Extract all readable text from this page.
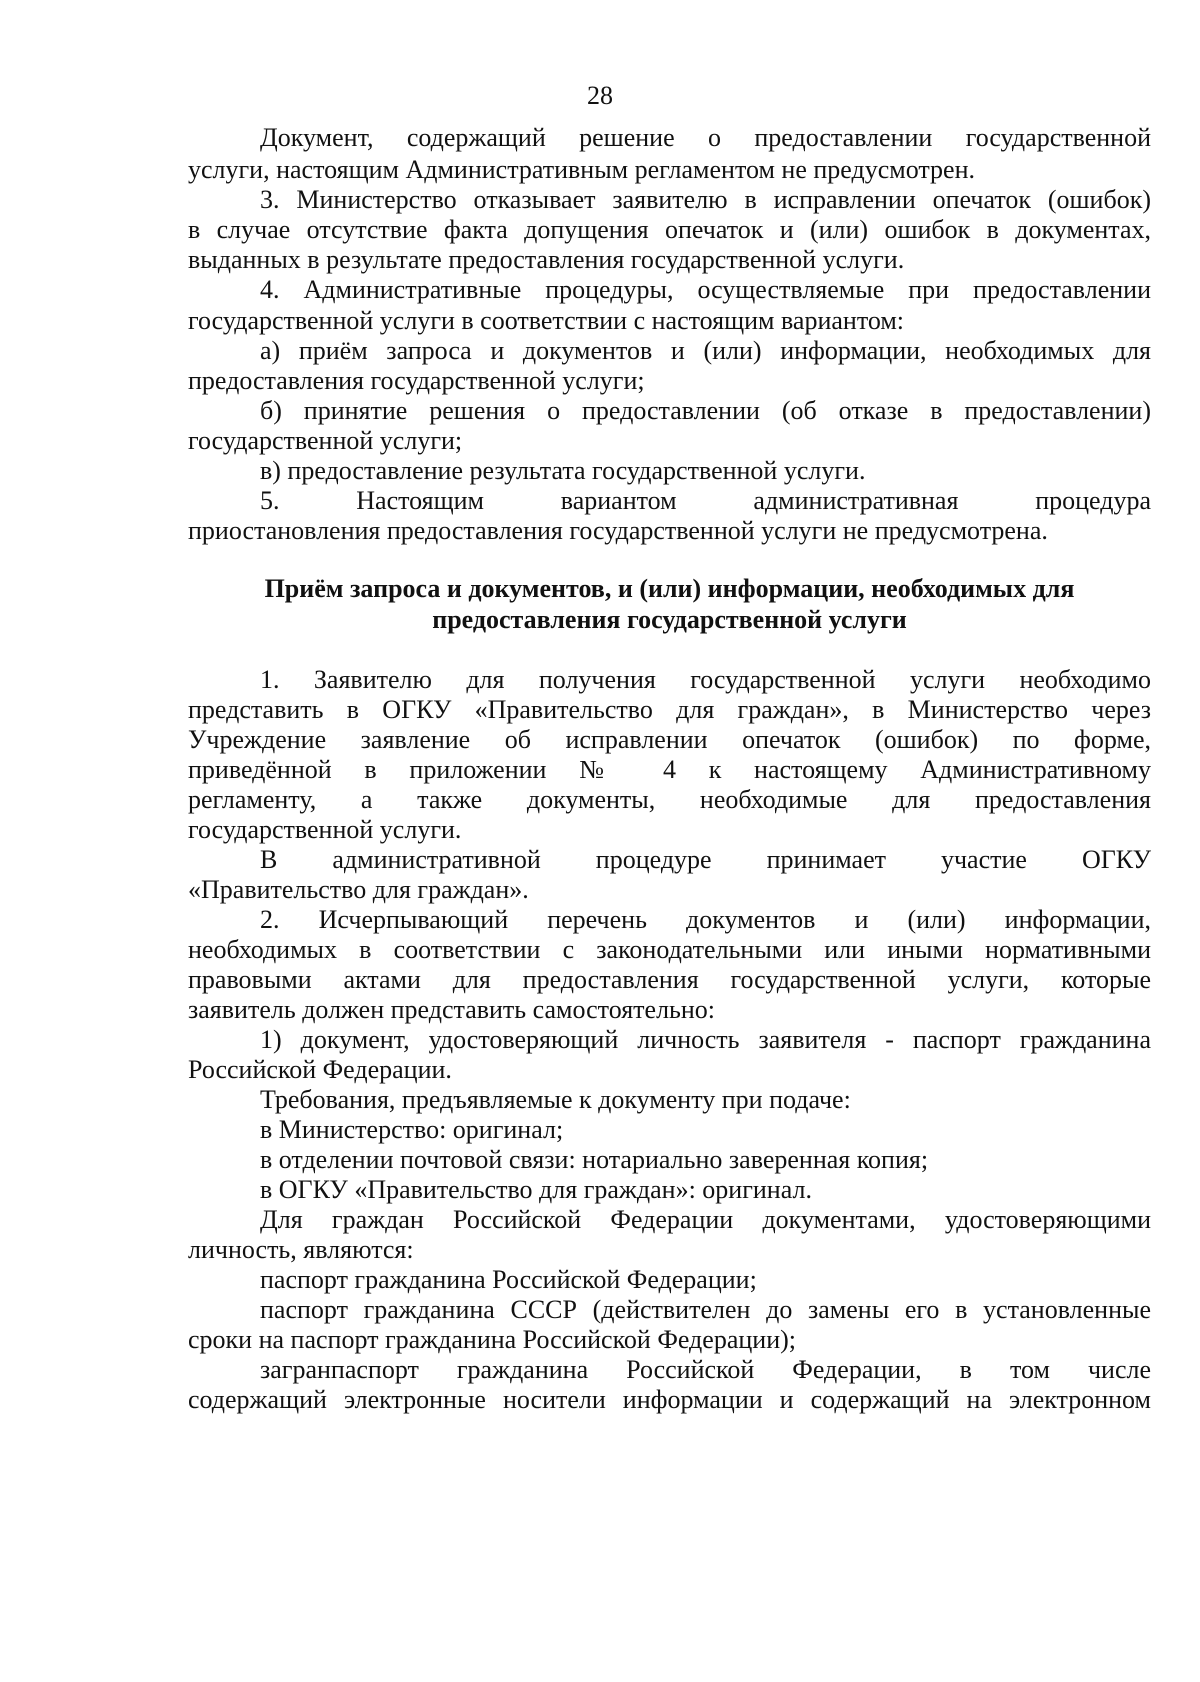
28
Документ, содержащий решение о предоставлении государственной
услуги, настоящим Административным регламентом не предусмотрен.
3. Министерство отказывает заявителю в исправлении опечаток (ошибок)
в случае отсутствие факта допущения опечаток и (или) ошибок в документах,
выданных в результате предоставления государственной услуги.
4. Административные процедуры, осуществляемые при предоставлении
государственной услуги в соответствии с настоящим вариантом:
а) приём запроса и документов и (или) информации, необходимых для
предоставления государственной услуги;
б) принятие решения о предоставлении (об отказе в предоставлении)
государственной услуги;
в) предоставление результата государственной услуги.
5. Настоящим вариантом административная процедура
приостановления предоставления государственной услуги не предусмотрена.
Приём запроса и документов, и (или) информации, необходимых для
предоставления государственной услуги
1. Заявителю для получения государственной услуги необходимо
представить в ОГКУ «Правительство для граждан», в Министерство через
Учреждение заявление об исправлении опечаток (ошибок) по форме,
приведённой в приложении № 4 к настоящему Административному
регламенту, а также документы, необходимые для предоставления
государственной услуги.
В административной процедуре принимает участие ОГКУ
«Правительство для граждан».
2. Исчерпывающий перечень документов и (или) информации,
необходимых в соответствии с законодательными или иными нормативными
правовыми актами для предоставления государственной услуги, которые
заявитель должен представить самостоятельно:
1) документ, удостоверяющий личность заявителя - паспорт гражданина
Российской Федерации.
Требования, предъявляемые к документу при подаче:
в Министерство: оригинал;
в отделении почтовой связи: нотариально заверенная копия;
в ОГКУ «Правительство для граждан»: оригинал.
Для граждан Российской Федерации документами, удостоверяющими
личность, являются:
паспорт гражданина Российской Федерации;
паспорт гражданина СССР (действителен до замены его в установленные
сроки на паспорт гражданина Российской Федерации);
загранпаспорт гражданина Российской Федерации, в том числе
содержащий электронные носители информации и содержащий на электронном
